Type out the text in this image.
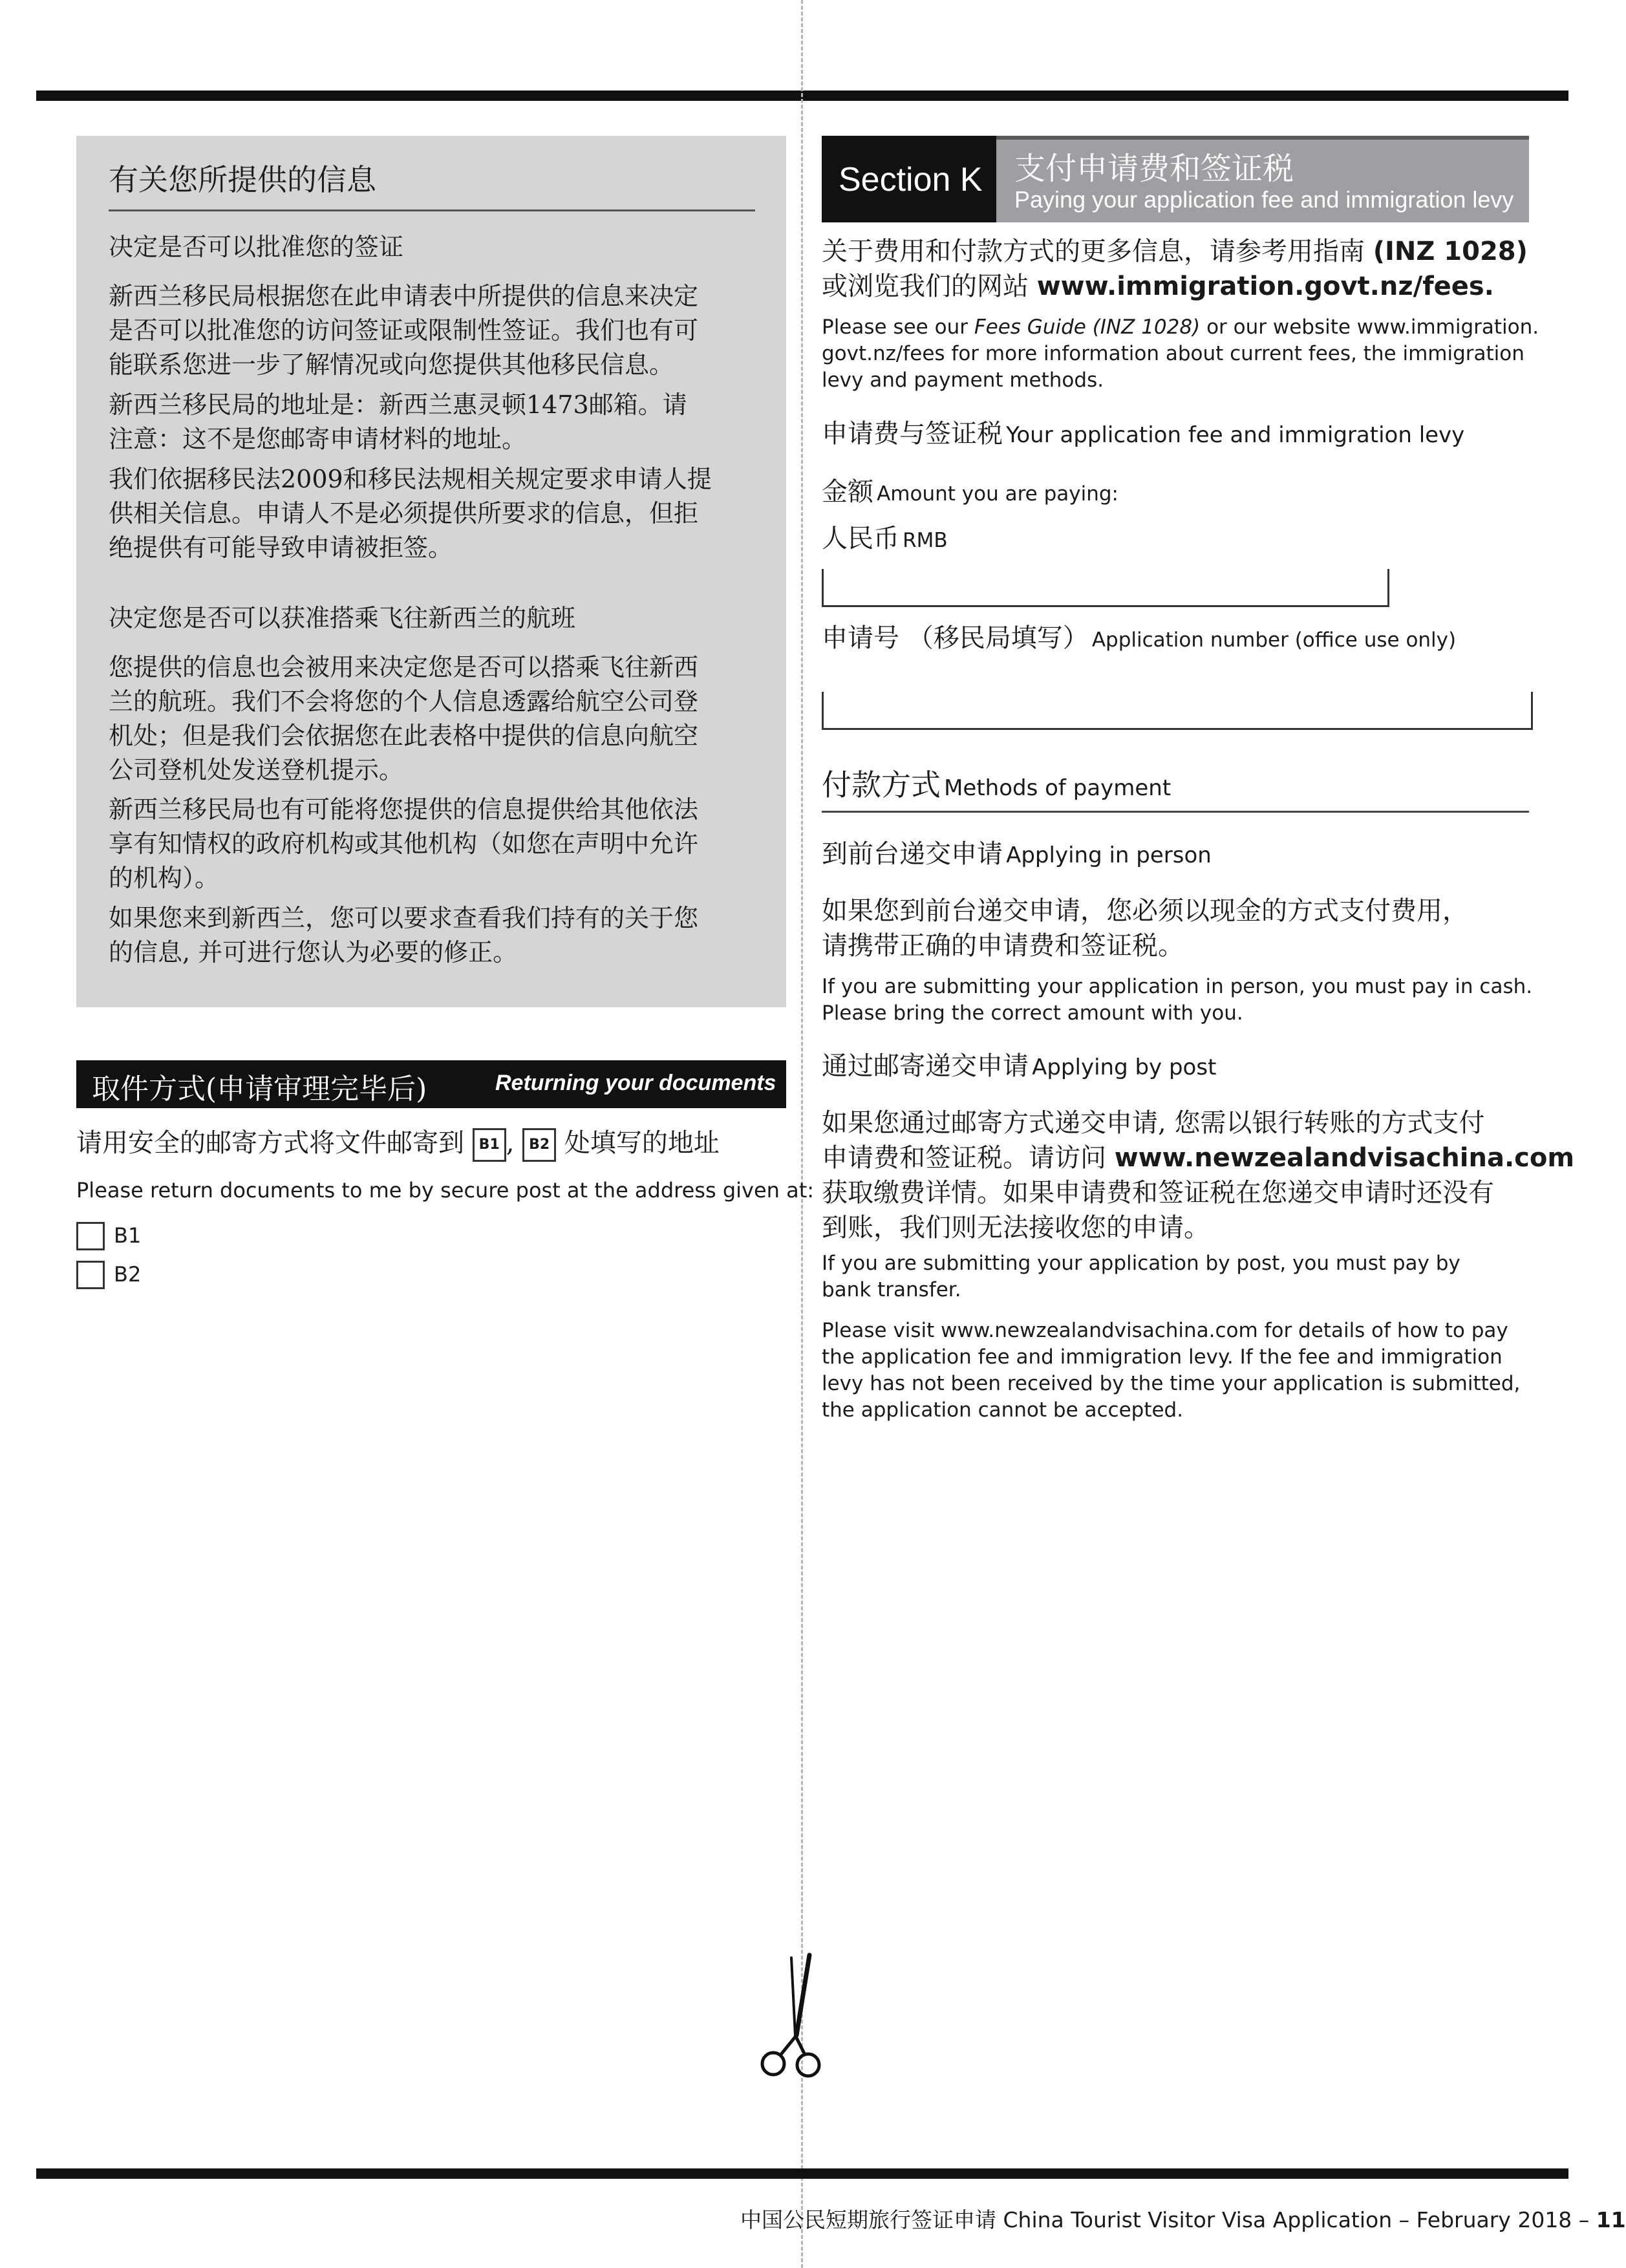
有关您所提供的信息
决定是否可以批准您的签证
新西兰移民局根据您在此申请表中所提供的信息来决定
是否可以批准您的访问签证或限制性签证。我们也有可
能联系您进一步了解情况或向您提供其他移民信息。
新西兰移民局的地址是：新西兰惠灵顿1473邮箱。请
注意：这不是您邮寄申请材料的地址。
我们依据移民法2009和移民法规相关规定要求申请人提
供相关信息。申请人不是必须提供所要求的信息，但拒
绝提供有可能导致申请被拒签。
决定您是否可以获准搭乘飞往新西兰的航班
您提供的信息也会被用来决定您是否可以搭乘飞往新西
兰的航班。我们不会将您的个人信息透露给航空公司登
机处；但是我们会依据您在此表格中提供的信息向航空
公司登机处发送登机提示。
新西兰移民局也有可能将您提供的信息提供给其他依法
享有知情权的政府机构或其他机构（如您在声明中允许
的机构）。
如果您来到新西兰，您可以要求查看我们持有的关于您
的信息, 并可进行您认为必要的修正。
取件方式(申请审理完毕后)	Returning your documents
请用安全的邮寄方式将文件邮寄到 B1 , B2 处填写的地址
Please return documents to me by secure post at the address given at:
B1
B2
Section K 支付申请费和签证税
Paying your application fee and immigration levy
关于费用和付款方式的更多信息，请参考用指南 (INZ 1028)
或浏览我们的网站 www.immigration.govt.nz/fees.
Please see our Fees Guide (INZ 1028) or our website www.immigration.
govt.nz/fees for more information about current fees, the immigration
levy and payment methods.
申请费与签证税 Your application fee and immigration levy
金额 Amount you are paying:
人民币 RMB
申请号 （移民局填写） Application number (office use only)
付款方式 Methods of payment
到前台递交申请 Applying in person
如果您到前台递交申请，您必须以现金的方式支付费用，
请携带正确的申请费和签证税。
If you are submitting your application in person, you must pay in cash.
Please bring the correct amount with you.
通过邮寄递交申请 Applying by post
如果您通过邮寄方式递交申请, 您需以银行转账的方式支付
申请费和签证税。请访问 www.newzealandvisachina.com
获取缴费详情。如果申请费和签证税在您递交申请时还没有
到账，我们则无法接收您的申请。
If you are submitting your application by post, you must pay by
bank transfer.
Please visit www.newzealandvisachina.com for details of how to pay
the application fee and immigration levy. If the fee and immigration
levy has not been received by the time your application is submitted,
the application cannot be accepted.
中国公民短期旅行签证申请 China Tourist Visitor Visa Application – February 2018 – 11
